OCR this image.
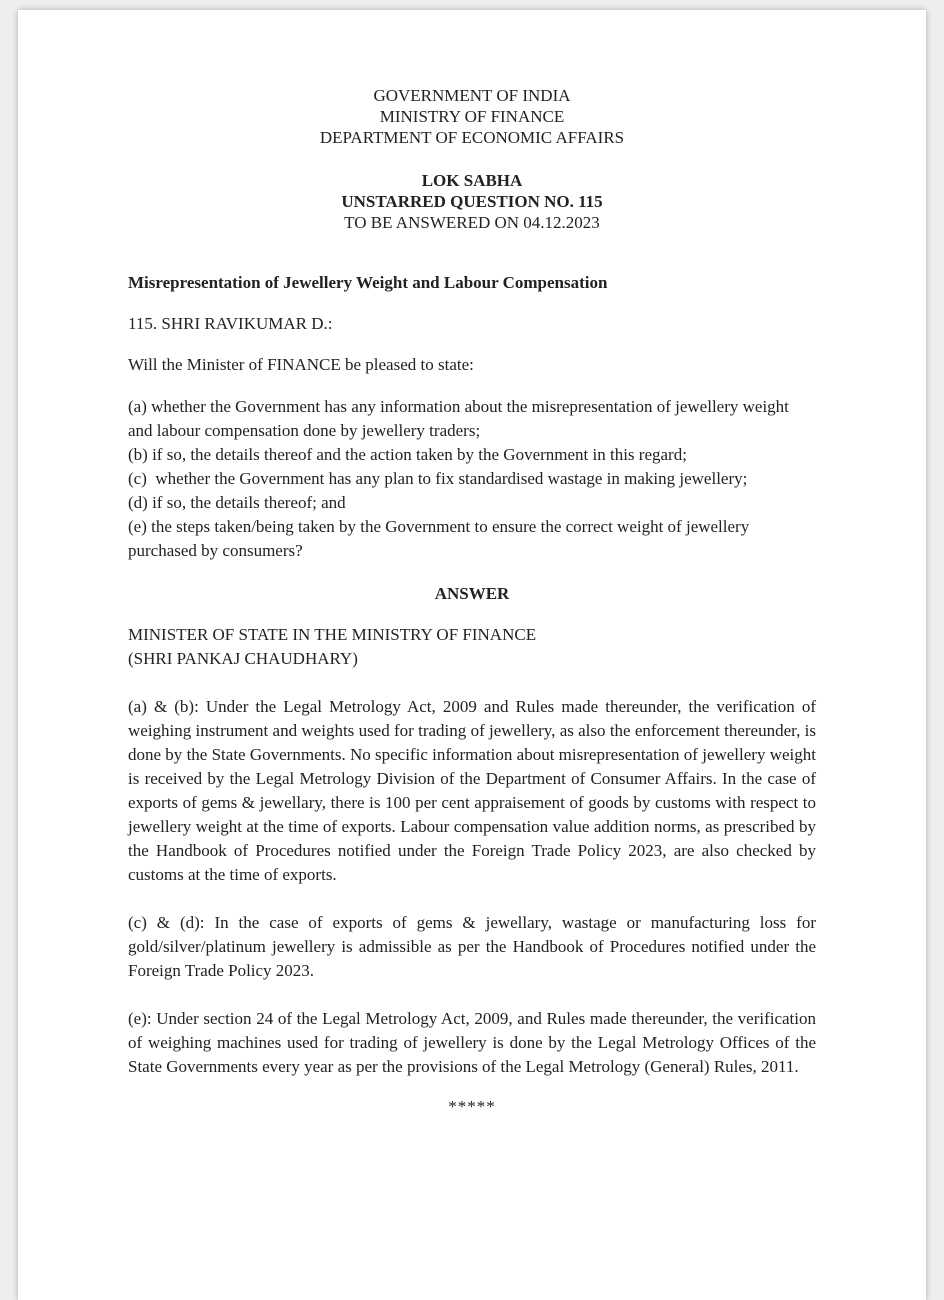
GOVERNMENT OF INDIA
MINISTRY OF FINANCE
DEPARTMENT OF ECONOMIC AFFAIRS
LOK SABHA
UNSTARRED QUESTION NO. 115
TO BE ANSWERED ON 04.12.2023
Misrepresentation of Jewellery Weight and Labour Compensation
115. SHRI RAVIKUMAR D.:
Will the Minister of FINANCE be pleased to state:
(a) whether the Government has any information about the misrepresentation of jewellery weight and labour compensation done by jewellery traders;
(b) if so, the details thereof and the action taken by the Government in this regard;
(c)  whether the Government has any plan to fix standardised wastage in making jewellery;
(d) if so, the details thereof; and
(e) the steps taken/being taken by the Government to ensure the correct weight of jewellery purchased by consumers?
ANSWER
MINISTER OF STATE IN THE MINISTRY OF FINANCE
(SHRI PANKAJ CHAUDHARY)
(a) & (b): Under the Legal Metrology Act, 2009 and Rules made thereunder, the verification of weighing instrument and weights used for trading of jewellery, as also the enforcement thereunder, is done by the State Governments. No specific information about misrepresentation of jewellery weight is received by the Legal Metrology Division of the Department of Consumer Affairs. In the case of exports of gems & jewellary, there is 100 per cent appraisement of goods by customs with respect to jewellery weight at the time of exports. Labour compensation value addition norms, as prescribed by the Handbook of Procedures notified under the Foreign Trade Policy 2023, are also checked by customs at the time of exports.
(c) & (d): In the case of exports of gems & jewellary, wastage or manufacturing loss for gold/silver/platinum jewellery is admissible as per the Handbook of Procedures notified under the Foreign Trade Policy 2023.
(e): Under section 24 of the Legal Metrology Act, 2009, and Rules made thereunder, the verification of weighing machines used for trading of jewellery is done by the Legal Metrology Offices of the State Governments every year as per the provisions of the Legal Metrology (General) Rules, 2011.
*****
